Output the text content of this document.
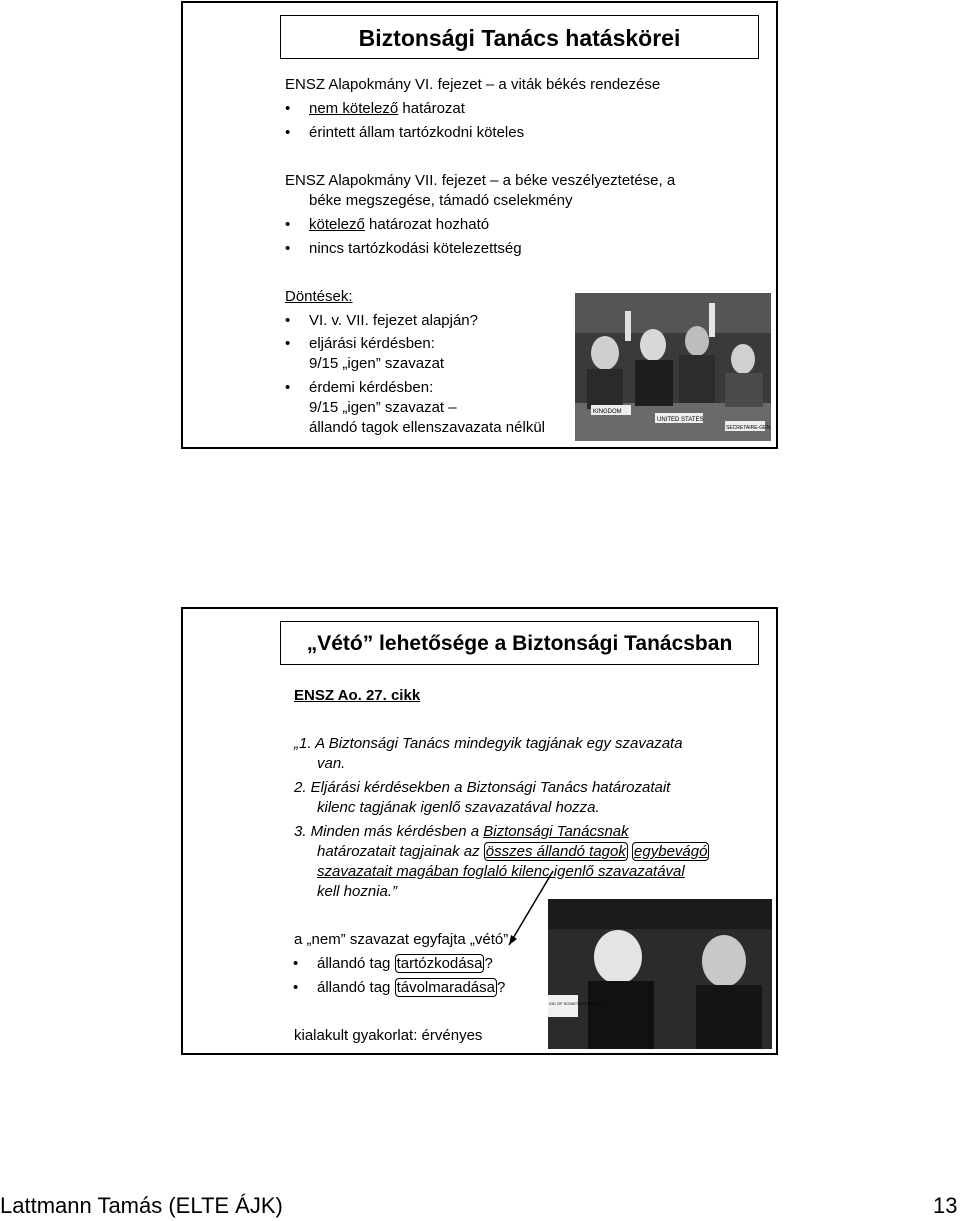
Biztonsági Tanács hatáskörei
ENSZ Alapokmány VI. fejezet – a viták békés rendezése
• nem kötelező határozat
• érintett állam tartózkodni köteles
ENSZ Alapokmány VII. fejezet – a béke veszélyeztetése, a
béke megszegése, támadó cselekmény
• kötelező határozat hozható
• nincs tartózkodási kötelezettség
Döntések:
• VI. v. VII. fejezet alapján?
• eljárási kérdésben:
9/15 „igen” szavazat
• érdemi kérdésben:
9/15 „igen” szavazat –
állandó tagok ellenszavazata nélkül
KINGDOM
UNITED STATES
SECRETAIRE-GEN
„Vétó” lehetősége a Biztonsági Tanácsban
ENSZ Ao. 27. cikk
„1. A Biztonsági Tanács mindegyik tagjának egy szavazata
van.
2. Eljárási kérdésekben a Biztonsági Tanács határozatait
kilenc tagjának igenlő szavazatával hozza.
3. Minden más kérdésben a Biztonsági Tanácsnak
határozatait tagjainak az összes állandó tagok egybevágó
szavazatait magában foglaló kilenc igenlő szavazatával
kell hoznia.”
a „nem” szavazat egyfajta „vétó”
• állandó tag tartózkodása ?
• állandó tag távolmaradása ?
kialakult gyakorlat: érvényes
IOK OF SOVIET REPUBLICS
Lattmann Tamás (ELTE ÁJK)	13
